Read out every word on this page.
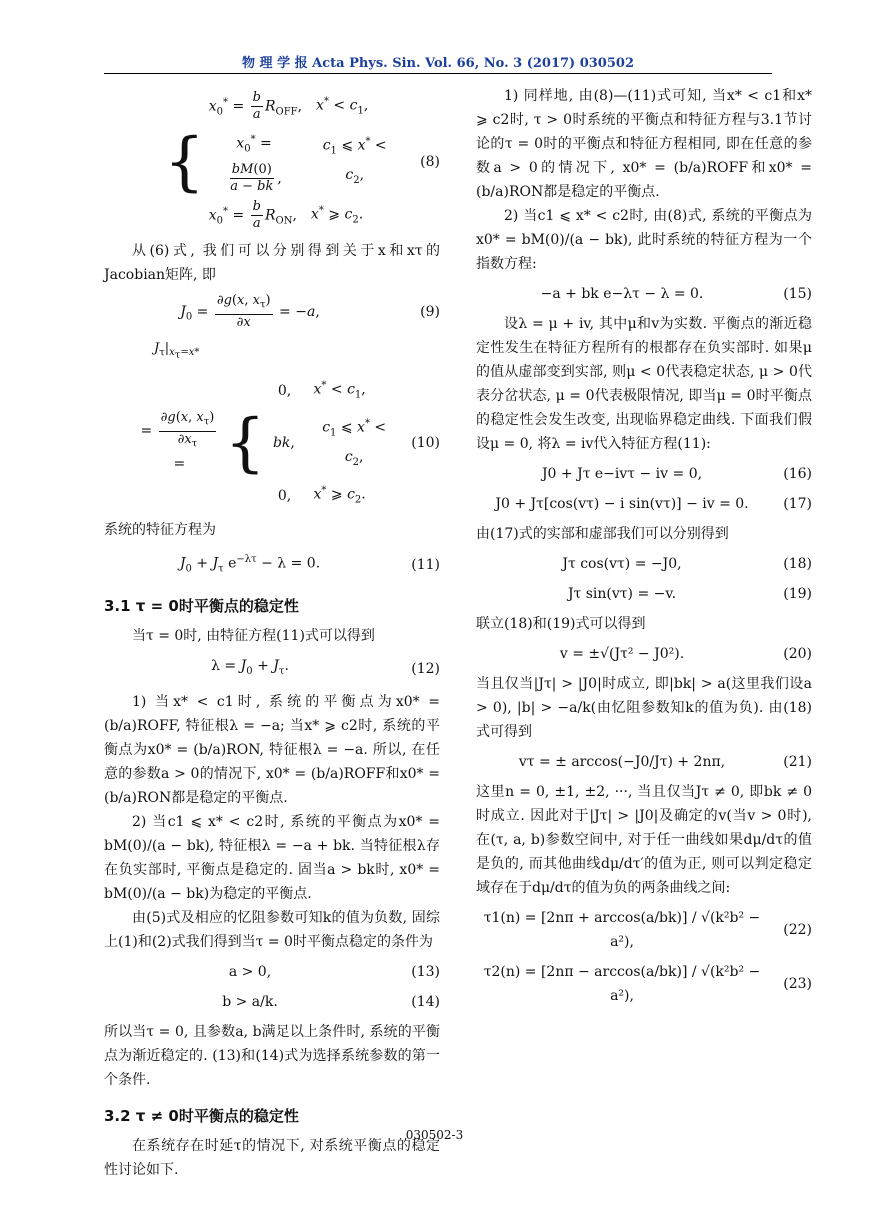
物 理 学 报 Acta Phys. Sin. Vol. 66, No. 3 (2017) 030502
{
$x_0^* = \frac{b}{a} R_{OFF}$, $x^* < c_1$,
$x_0^*$ =
$\frac{bM(0)}{a - bk}$ ,
$c_1$ ⩽ $x^* < c_2$,
$x_0^* = \frac{b}{a} R_{ON}$, x* ⩾ $c_2$.
(8)

从(6)式, 我们可以分别得到关于x和xτ的Jacobian矩阵, 即

$J_0 = \frac{\partial g(x, x_\tau)}{\partial x} = -a$,	(9)
$J_\tau|_{x_\tau=x*}$
= $\frac{\partial g(x, x_\tau)}{\partial x_\tau}$
= {
0,	$x^* < c_1$,
bk,
$c_1$ ⩽ $x^* < c_2$,
0,	x* ⩾ $c_2$.
(10)

系统的特征方程为

$J_0 + J_\tau$ $e^{-\lambda\tau} - \lambda = 0$.	(11)
3.1 τ = 0时平衡点的稳定性

当τ = 0时, 由特征方程(11)式可以得到

$\lambda = J_0 + J_\tau$.	(12)

1) 当x* < c1时, 系统的平衡点为x0* = (b/a)ROFF, 特征根λ = −a; 当x* ⩾ c2时, 系统的平衡点为x0* = (b/a)RON, 特征根λ = −a. 所以, 在任意的参数a > 0的情况下, x0* = (b/a)ROFF和x0* = (b/a)RON都是稳定的平衡点.

2) 当c1 ⩽ x* < c2时, 系统的平衡点为x0* = bM(0)/(a − bk), 特征根λ = −a + bk. 当特征根λ存在负实部时, 平衡点是稳定的. 固当a > bk时, x0* = bM(0)/(a − bk)为稳定的平衡点.

由(5)式及相应的忆阻参数可知k的值为负数, 固综上(1)和(2)式我们得到当τ = 0时平衡点稳定的条件为

a > 0,	(13)
b > a/k.	(14)

所以当τ = 0, 且参数a, b满足以上条件时, 系统的平衡点为渐近稳定的. (13)和(14)式为选择系统参数的第一个条件.

3.2 τ ≠ 0时平衡点的稳定性

在系统存在时延τ的情况下, 对系统平衡点的稳定性讨论如下.

1) 同样地, 由(8)—(11)式可知, 当x* < c1和x* ⩾ c2时, τ > 0时系统的平衡点和特征方程与3.1节讨论的τ = 0时的平衡点和特征方程相同, 即在任意的参数a > 0的情况下, x0* = (b/a)ROFF和x0* = (b/a)RON都是稳定的平衡点.

2) 当c1 ⩽ x* < c2时, 由(8)式, 系统的平衡点为x0* = bM(0)/(a − bk), 此时系统的特征方程为一个指数方程:

−a + bk e−λτ − λ = 0.	(15)

设λ = μ + iv, 其中μ和v为实数. 平衡点的渐近稳定性发生在特征方程所有的根都存在负实部时. 如果μ的值从虚部变到实部, 则μ < 0代表稳定状态, μ > 0代表分岔状态, μ = 0代表极限情况, 即当μ = 0时平衡点的稳定性会发生改变, 出现临界稳定曲线. 下面我们假设μ = 0, 将λ = iv代入特征方程(11):

J0 + Jτ e−ivτ − iv = 0,	(16)
J0 + Jτ[cos(vτ) − i sin(vτ)] − iv = 0.	(17)

由(17)式的实部和虚部我们可以分别得到

Jτ cos(vτ) = −J0,	(18)
Jτ sin(vτ) = −v.	(19)

联立(18)和(19)式可以得到

v = ±√(Jτ² − J0²).	(20)

当且仅当|Jτ| > |J0|时成立, 即|bk| > a(这里我们设a > 0), |b| > −a/k(由忆阻参数知k的值为负). 由(18)式可得到

vτ = ± arccos(−J0/Jτ) + 2nπ,	(21)

这里n = 0, ±1, ±2, ···, 当且仅当Jτ ≠ 0, 即bk ≠ 0时成立. 因此对于|Jτ| > |J0|及确定的v(当v > 0时), 在(τ, a, b)参数空间中, 对于任一曲线如果dμ/dτ的值是负的, 而其他曲线dμ/dτ′的值为正, 则可以判定稳定域存在于dμ/dτ的值为负的两条曲线之间:

τ1(n) = [2nπ + arccos(a/bk)] / √(k²b² − a²),
(22)
τ2(n) = [2nπ − arccos(a/bk)] / √(k²b² − a²),
(23)
030502-3
